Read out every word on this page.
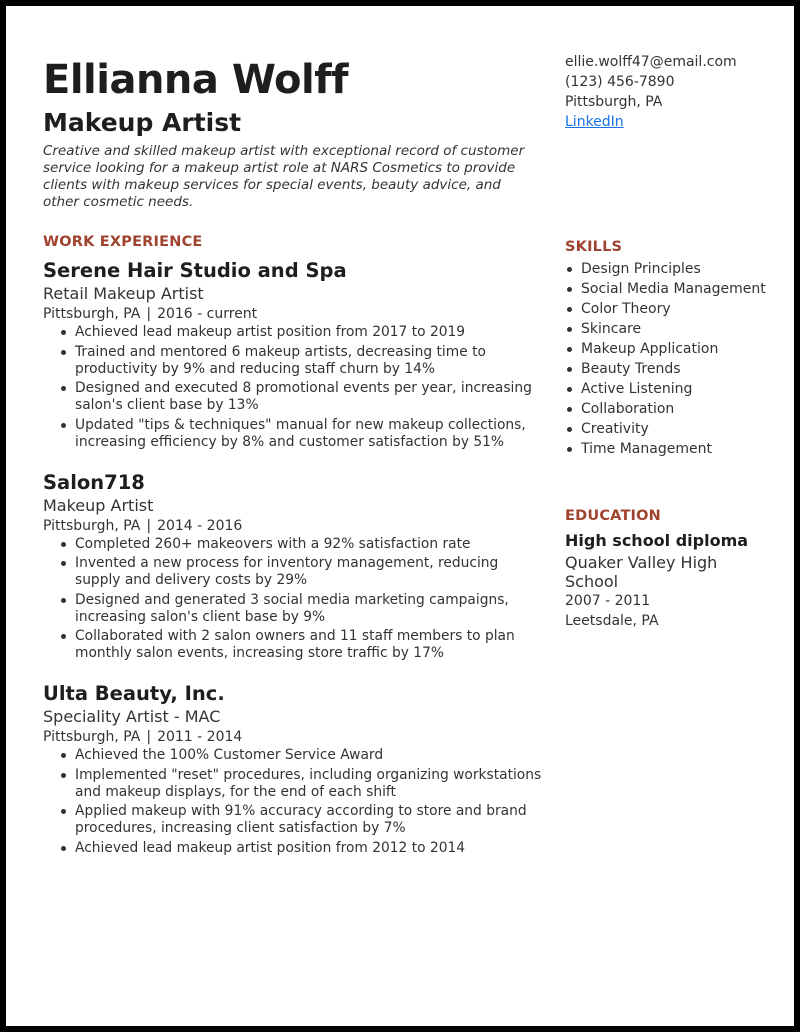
Ellianna Wolff
Makeup Artist

Creative and skilled makeup artist with exceptional record of customer service looking for a makeup artist role at NARS Cosmetics to provide clients with makeup services for special events, beauty advice, and other cosmetic needs.

WORK EXPERIENCE
Serene Hair Studio and Spa
Retail Makeup Artist
Pittsburgh, PA | 2016 - current
Achieved lead makeup artist position from 2017 to 2019
Trained and mentored 6 makeup artists, decreasing time to productivity by 9% and reducing staff churn by 14%
Designed and executed 8 promotional events per year, increasing salon's client base by 13%
Updated "tips & techniques" manual for new makeup collections, increasing efficiency by 8% and customer satisfaction by 51%
Salon718
Makeup Artist
Pittsburgh, PA | 2014 - 2016
Completed 260+ makeovers with a 92% satisfaction rate
Invented a new process for inventory management, reducing supply and delivery costs by 29%
Designed and generated 3 social media marketing campaigns, increasing salon's client base by 9%
Collaborated with 2 salon owners and 11 staff members to plan monthly salon events, increasing store traffic by 17%
Ulta Beauty, Inc.
Speciality Artist - MAC
Pittsburgh, PA | 2011 - 2014
Achieved the 100% Customer Service Award
Implemented "reset" procedures, including organizing workstations and makeup displays, for the end of each shift
Applied makeup with 91% accuracy according to store and brand procedures, increasing client satisfaction by 7%
Achieved lead makeup artist position from 2012 to 2014

ellie.wolff47@email.com

(123) 456-7890

Pittsburgh, PA

LinkedIn

SKILLS
Design Principles
Social Media Management
Color Theory
Skincare
Makeup Application
Beauty Trends
Active Listening
Collaboration
Creativity
Time Management
EDUCATION
High school diploma
Quaker Valley High School

2007 - 2011

Leetsdale, PA
